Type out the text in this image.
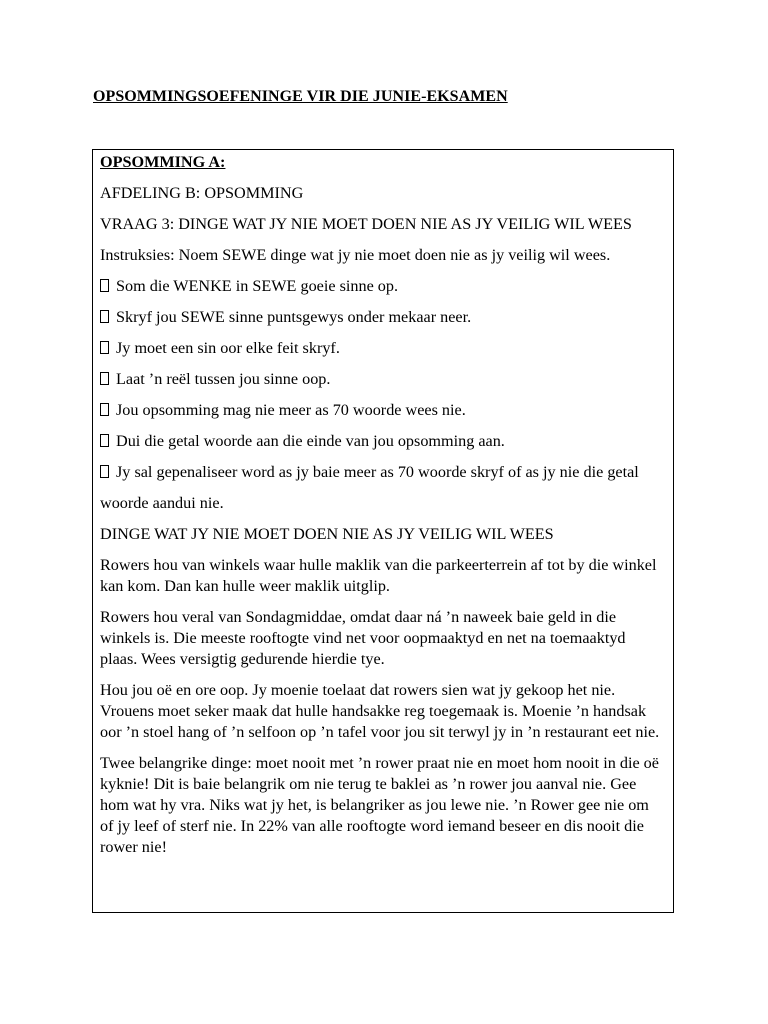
OPSOMMINGSOEFENINGE VIR DIE JUNIE-EKSAMEN

OPSOMMING A:

AFDELING B: OPSOMMING

VRAAG 3: DINGE WAT JY NIE MOET DOEN NIE AS JY VEILIG WIL WEES

Instruksies: Noem SEWE dinge wat jy nie moet doen nie as jy veilig wil wees.

Som die WENKE in SEWE goeie sinne op.

Skryf jou SEWE sinne puntsgewys onder mekaar neer.

Jy moet een sin oor elke feit skryf.

Laat ʼn reël tussen jou sinne oop.

Jou opsomming mag nie meer as 70 woorde wees nie.

Dui die getal woorde aan die einde van jou opsomming aan.

Jy sal gepenaliseer word as jy baie meer as 70 woorde skryf of as jy nie die getal

woorde aandui nie.

DINGE WAT JY NIE MOET DOEN NIE AS JY VEILIG WIL WEES

Rowers hou van winkels waar hulle maklik van die parkeerterrein af tot by die winkel kan kom. Dan kan hulle weer maklik uitglip.

Rowers hou veral van Sondagmiddae, omdat daar ná ʼn naweek baie geld in die winkels is. Die meeste rooftogte vind net voor oopmaaktyd en net na toemaaktyd plaas. Wees versigtig gedurende hierdie tye.

Hou jou oë en ore oop. Jy moenie toelaat dat rowers sien wat jy gekoop het nie. Vrouens moet seker maak dat hulle handsakke reg toegemaak is. Moenie ʼn handsak oor ʼn stoel hang of ʼn selfoon op ʼn tafel voor jou sit terwyl jy in ʼn restaurant eet nie.

Twee belangrike dinge: moet nooit met ʼn rower praat nie en moet hom nooit in die oë kyknie! Dit is baie belangrik om nie terug te baklei as ʼn rower jou aanval nie. Gee hom wat hy vra. Niks wat jy het, is belangriker as jou lewe nie. ʼn Rower gee nie om of jy leef of sterf nie. In 22% van alle rooftogte word iemand beseer en dis nooit die rower nie!
